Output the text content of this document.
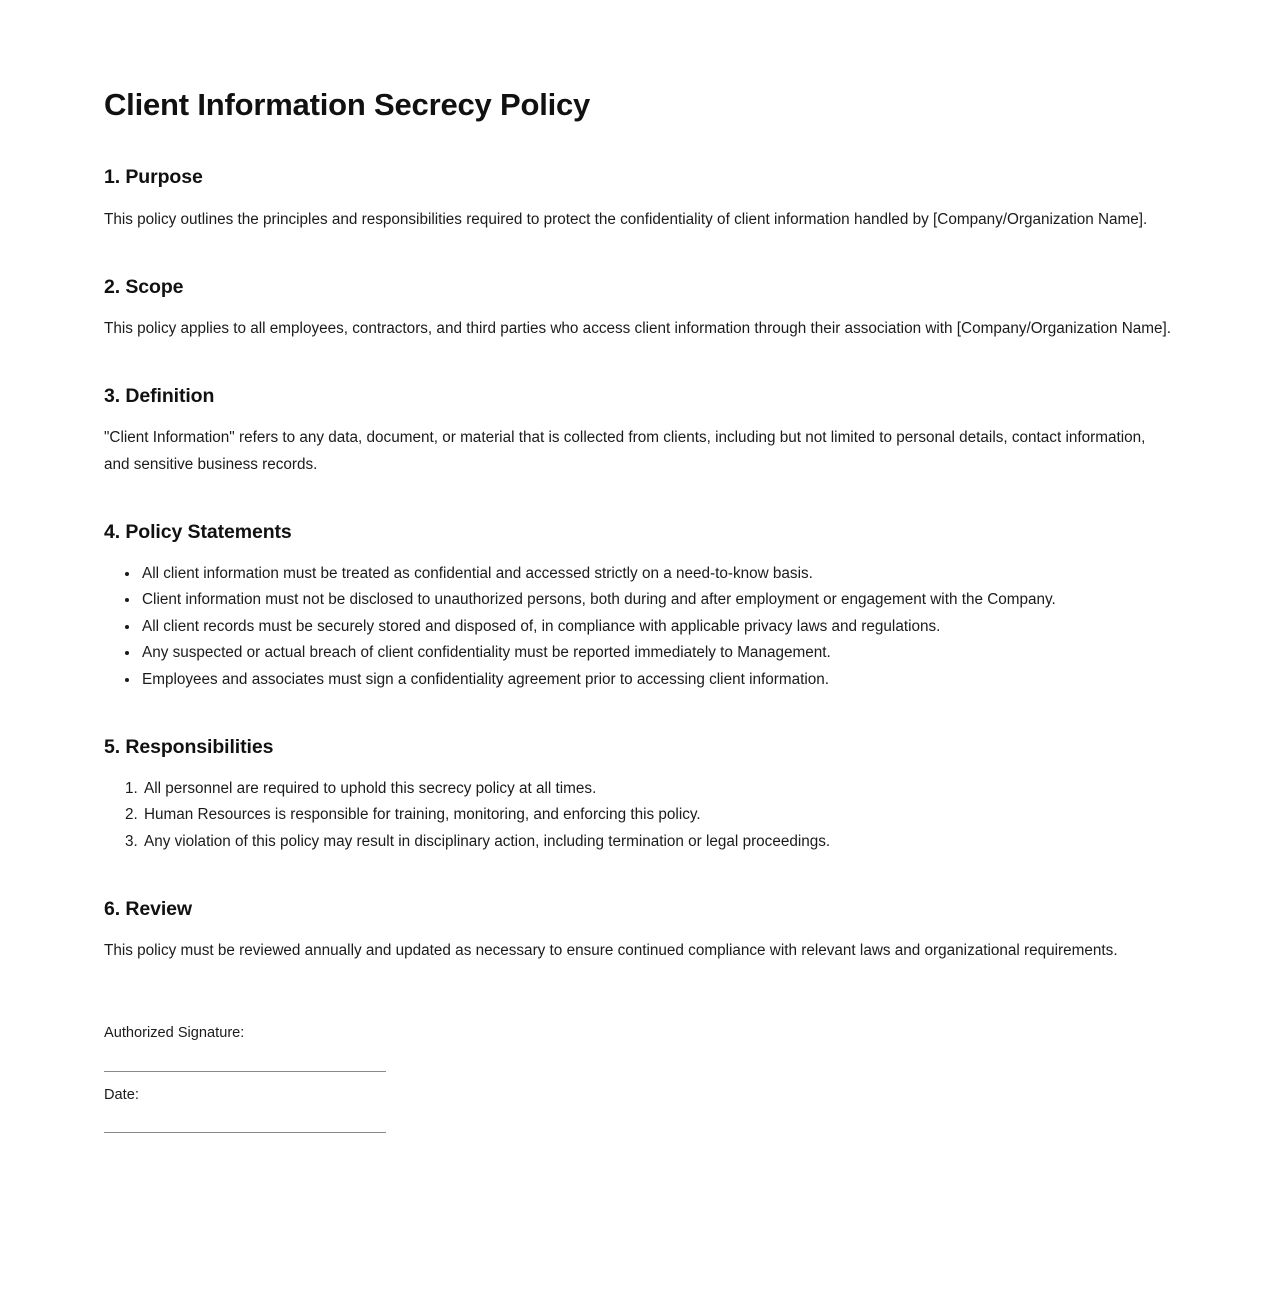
Client Information Secrecy Policy
1. Purpose

This policy outlines the principles and responsibilities required to protect the confidentiality of client information handled by [Company/Organization Name].

2. Scope

This policy applies to all employees, contractors, and third parties who access client information through their association with [Company/Organization Name].

3. Definition

"Client Information" refers to any data, document, or material that is collected from clients, including but not limited to personal details, contact information, and sensitive business records.

4. Policy Statements
• All client information must be treated as confidential and accessed strictly on a need-to-know basis.
• Client information must not be disclosed to unauthorized persons, both during and after employment or engagement with the Company.
• All client records must be securely stored and disposed of, in compliance with applicable privacy laws and regulations.
• Any suspected or actual breach of client confidentiality must be reported immediately to Management.
• Employees and associates must sign a confidentiality agreement prior to accessing client information.
5. Responsibilities
1. All personnel are required to uphold this secrecy policy at all times.
2. Human Resources is responsible for training, monitoring, and enforcing this policy.
3. Any violation of this policy may result in disciplinary action, including termination or legal proceedings.
6. Review

This policy must be reviewed annually and updated as necessary to ensure continued compliance with relevant laws and organizational requirements.

Authorized Signature:

Date:
